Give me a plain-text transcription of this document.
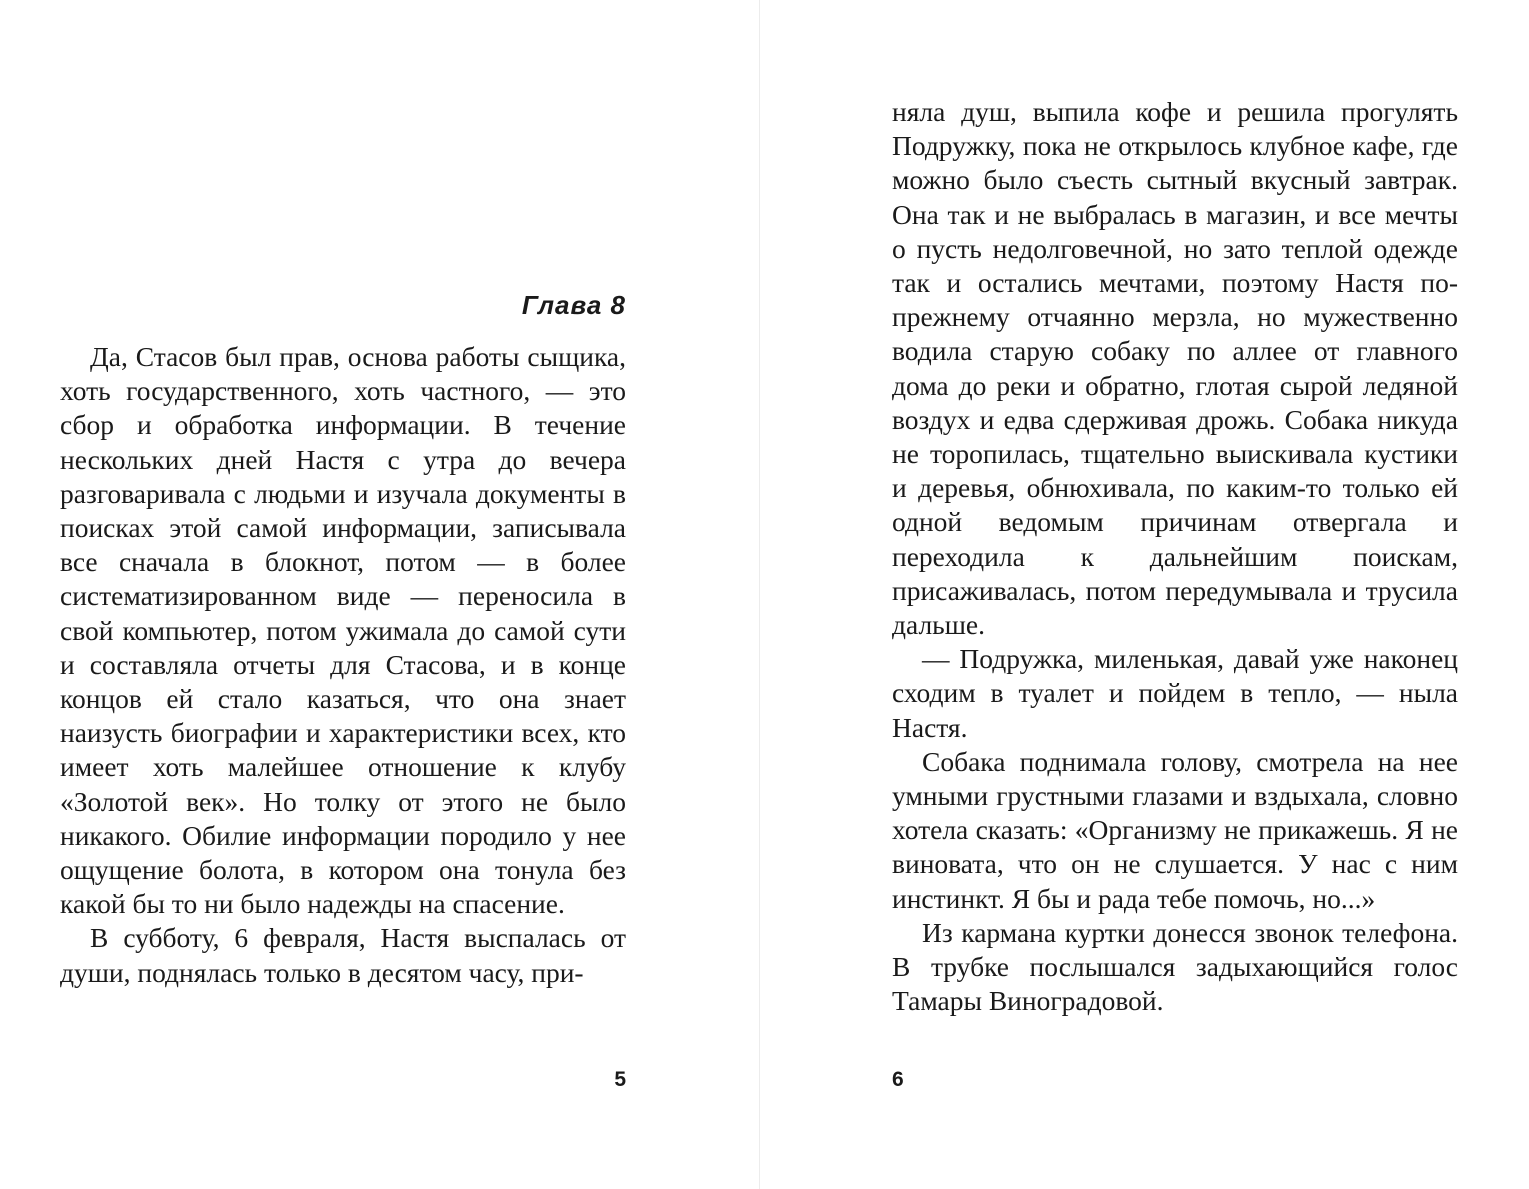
Глава 8

Да, Стасов был прав, основа работы сыщика, хоть государственного, хоть частного, — это сбор и обработка информации. В течение нескольких дней Настя с утра до вечера разговаривала с людьми и изучала документы в поисках этой самой информации, записывала все сначала в блокнот, потом — в более систематизированном виде — переносила в свой компьютер, потом ужимала до самой сути и составляла отчеты для Стасова, и в конце концов ей стало казаться, что она знает наизусть биографии и характеристики всех, кто имеет хоть малейшее отношение к клубу «Золотой век». Но толку от этого не было никакого. Обилие информации породило у нее ощущение болота, в котором она тонула без какой бы то ни было надежды на спасение.

В субботу, 6 февраля, Настя выспалась от души, поднялась только в десятом часу, при-

5

няла душ, выпила кофе и решила прогулять Подружку, пока не открылось клубное кафе, где можно было съесть сытный вкусный завтрак. Она так и не выбралась в магазин, и все мечты о пусть недолговечной, но зато теплой одежде так и остались мечтами, поэтому Настя по-прежнему отчаянно мерзла, но мужественно водила старую собаку по аллее от главного дома до реки и обратно, глотая сырой ледяной воздух и едва сдерживая дрожь. Собака никуда не торопилась, тщательно выискивала кустики и деревья, обнюхивала, по каким-то только ей одной ведомым причинам отвергала и переходила к дальнейшим поискам, присаживалась, потом передумывала и трусила дальше.

— Подружка, миленькая, давай уже наконец сходим в туалет и пойдем в тепло, — ныла Настя.

Собака поднимала голову, смотрела на нее умными грустными глазами и вздыхала, словно хотела сказать: «Организму не прикажешь. Я не виновата, что он не слушается. У нас с ним инстинкт. Я бы и рада тебе помочь, но...»

Из кармана куртки донесся звонок телефона. В трубке послышался задыхающийся голос Тамары Виноградовой.

6
